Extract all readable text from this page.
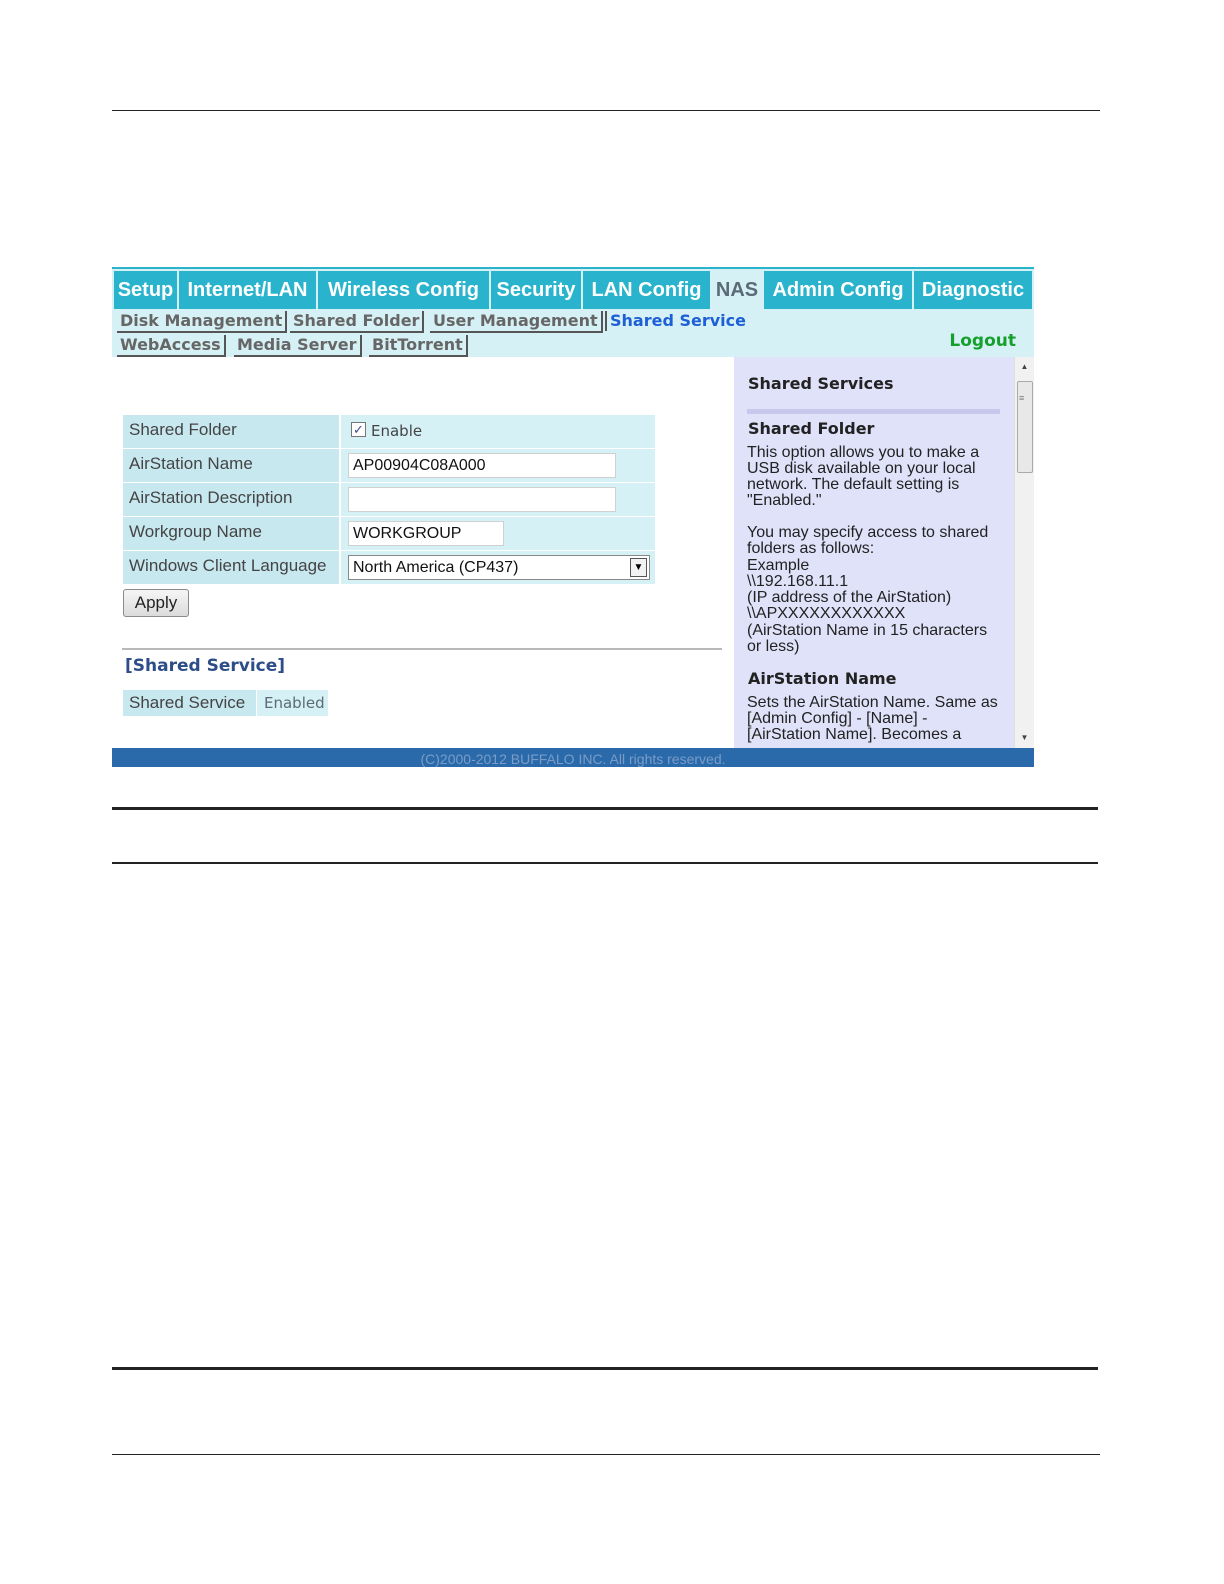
Setup Internet/LAN	Wireless Config Security LAN Config NAS Admin Config Diagnostic
Disk Management Shared Folder User Management Shared Service
WebAccess	Media Server BitTorrent	Logout
Shared Folder	✓ Enable
AirStation Name	AP00904C08A000
AirStation Description
Workgroup Name	WORKGROUP
Windows Client Language	North America (CP437)	▼
Apply
[Shared Service]
Shared Service	Enabled
Shared Services
Shared Folder

This option allows you to make a USB disk available on your local network. The default setting is "Enabled."

You may specify access to shared folders as follows:
Example
\\192.168.11.1
(IP address of the AirStation)
\\APXXXXXXXXXXXX
(AirStation Name in 15 characters or less)
AirStation Name

Sets the AirStation Name. Same as [Admin Config] - [Name] - [AirStation Name]. Becomes a

▲
≡
▼
(C)2000-2012 BUFFALO INC. All rights reserved.
